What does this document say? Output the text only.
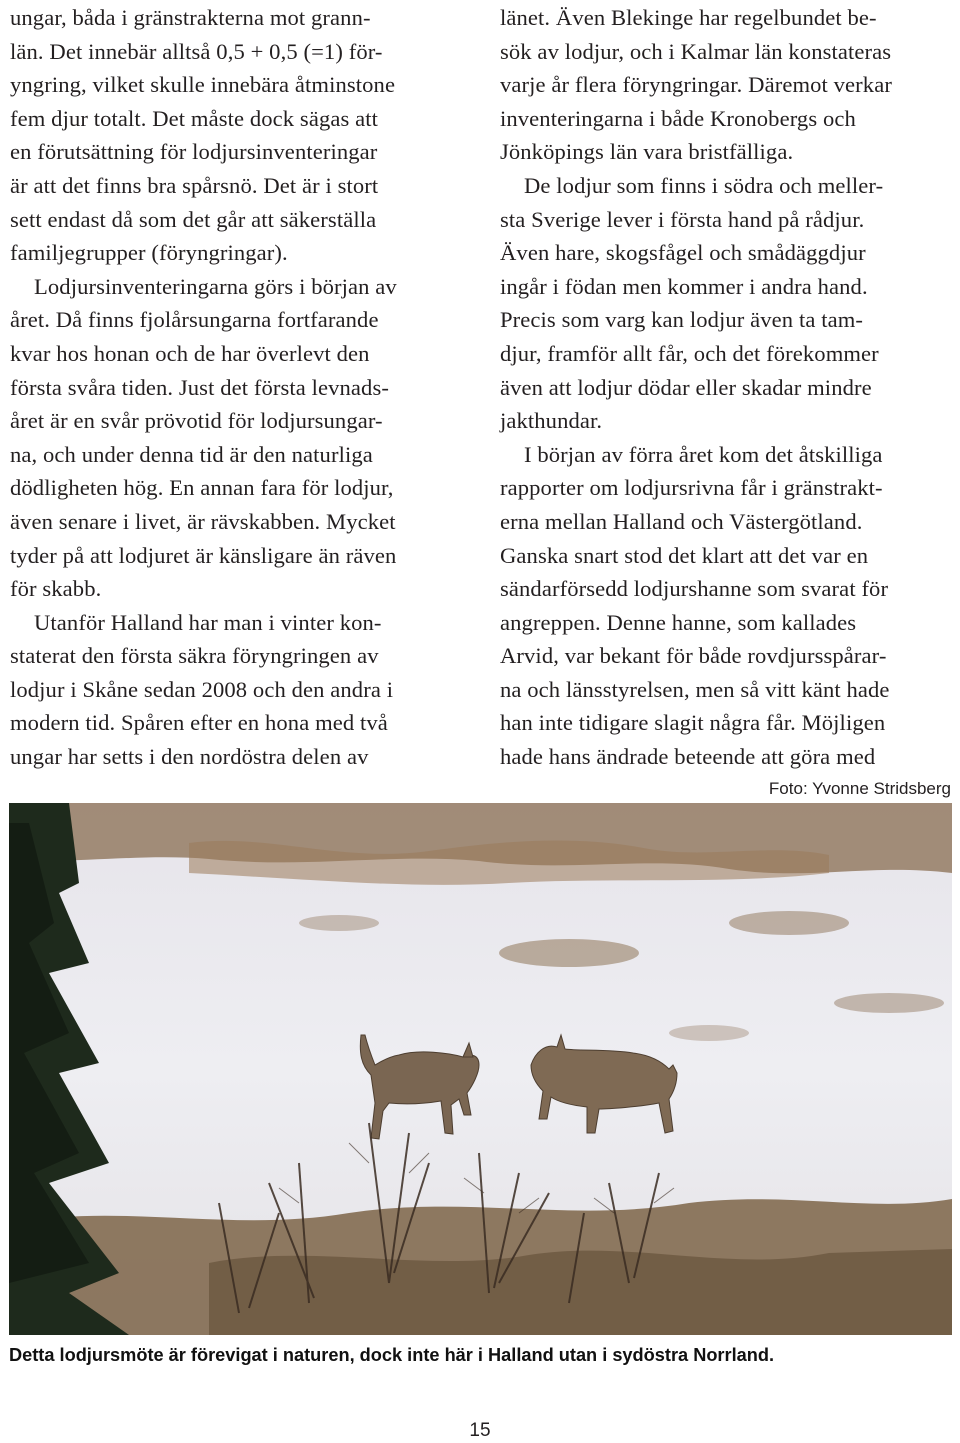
ungar, båda i gränstrakterna mot grann-
län. Det innebär alltså 0,5 + 0,5 (=1) för-
yngring, vilket skulle innebära åtminstone
fem djur totalt. Det måste dock sägas att
en förutsättning för lodjursinventeringar
är att det finns bra spårsnö. Det är i stort
sett endast då som det går att säkerställa
familjegrupper (föryngringar).
Lodjursinventeringarna görs i början av
året. Då finns fjolårsungarna fortfarande
kvar hos honan och de har överlevt den
första svåra tiden. Just det första levnads-
året är en svår prövotid för lodjursungar-
na, och under denna tid är den naturliga
dödligheten hög. En annan fara för lodjur,
även senare i livet, är rävskabben. Mycket
tyder på att lodjuret är känsligare än räven
för skabb.
Utanför Halland har man i vinter kon-
staterat den första säkra föryngringen av
lodjur i Skåne sedan 2008 och den andra i
modern tid. Spåren efter en hona med två
ungar har setts i den nordöstra delen av
länet. Även Blekinge har regelbundet be-
sök av lodjur, och i Kalmar län konstateras
varje år flera föryngringar. Däremot verkar
inventeringarna i både Kronobergs och
Jönköpings län vara bristfälliga.
De lodjur som finns i södra och meller-
sta Sverige lever i första hand på rådjur.
Även hare, skogsfågel och smådäggdjur
ingår i födan men kommer i andra hand.
Precis som varg kan lodjur även ta tam-
djur, framför allt får, och det förekommer
även att lodjur dödar eller skadar mindre
jakthundar.
I början av förra året kom det åtskilliga
rapporter om lodjursrivna får i gränstrakt-
erna mellan Halland och Västergötland.
Ganska snart stod det klart att det var en
sändarförsedd lodjurshanne som svarat för
angreppen. Denne hanne, som kallades
Arvid, var bekant för både rovdjursspårar-
na och länsstyrelsen, men så vitt känt hade
han inte tidigare slagit några får. Möjligen
hade hans ändrade beteende att göra med
Foto: Yvonne Stridsberg
Detta lodjursmöte är förevigat i naturen, dock inte här i Halland utan i sydöstra Norrland.
15
